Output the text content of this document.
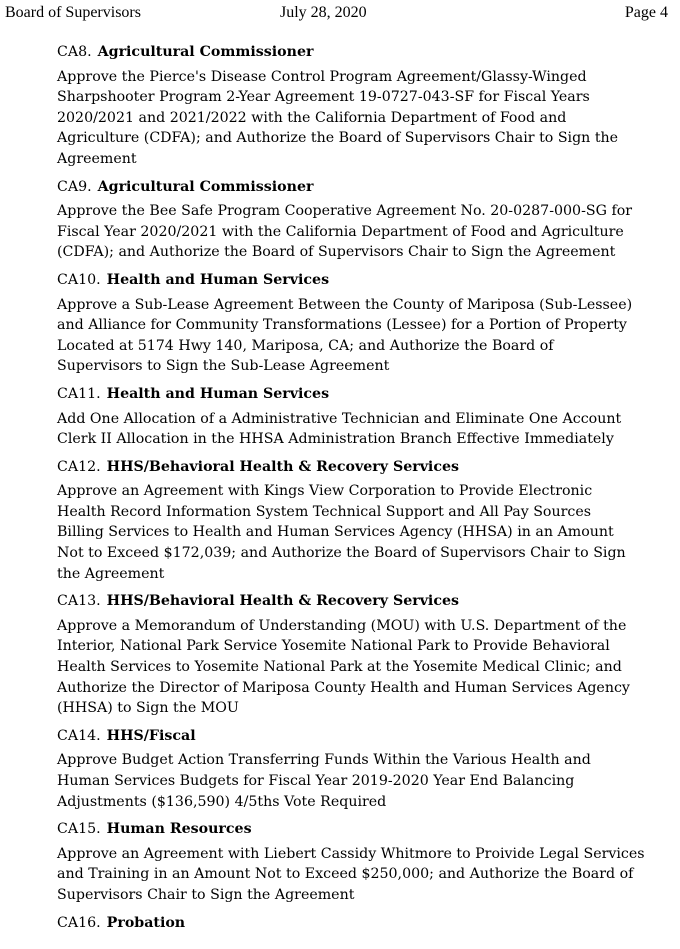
Board of Supervisors	July 28, 2020	Page 4
CA8. Agricultural Commissioner
Approve the Pierce's Disease Control Program Agreement/Glassy-Winged
Sharpshooter Program 2-Year Agreement 19-0727-043-SF for Fiscal Years
2020/2021 and 2021/2022 with the California Department of Food and
Agriculture (CDFA); and Authorize the Board of Supervisors Chair to Sign the
Agreement
CA9. Agricultural Commissioner
Approve the Bee Safe Program Cooperative Agreement No. 20-0287-000-SG for
Fiscal Year 2020/2021 with the California Department of Food and Agriculture
(CDFA); and Authorize the Board of Supervisors Chair to Sign the Agreement
CA10. Health and Human Services
Approve a Sub-Lease Agreement Between the County of Mariposa (Sub-Lessee)
and Alliance for Community Transformations (Lessee) for a Portion of Property
Located at 5174 Hwy 140, Mariposa, CA; and Authorize the Board of
Supervisors to Sign the Sub-Lease Agreement
CA11. Health and Human Services
Add One Allocation of a Administrative Technician and Eliminate One Account
Clerk II Allocation in the HHSA Administration Branch Effective Immediately
CA12. HHS/Behavioral Health & Recovery Services
Approve an Agreement with Kings View Corporation to Provide Electronic
Health Record Information System Technical Support and All Pay Sources
Billing Services to Health and Human Services Agency (HHSA) in an Amount
Not to Exceed $172,039; and Authorize the Board of Supervisors Chair to Sign
the Agreement
CA13. HHS/Behavioral Health & Recovery Services
Approve a Memorandum of Understanding (MOU) with U.S. Department of the
Interior, National Park Service Yosemite National Park to Provide Behavioral
Health Services to Yosemite National Park at the Yosemite Medical Clinic; and
Authorize the Director of Mariposa County Health and Human Services Agency
(HHSA) to Sign the MOU
CA14. HHS/Fiscal
Approve Budget Action Transferring Funds Within the Various Health and
Human Services Budgets for Fiscal Year 2019-2020 Year End Balancing
Adjustments ($136,590) 4/5ths Vote Required
CA15. Human Resources
Approve an Agreement with Liebert Cassidy Whitmore to Proivide Legal Services
and Training in an Amount Not to Exceed $250,000; and Authorize the Board of
Supervisors Chair to Sign the Agreement
CA16. Probation
